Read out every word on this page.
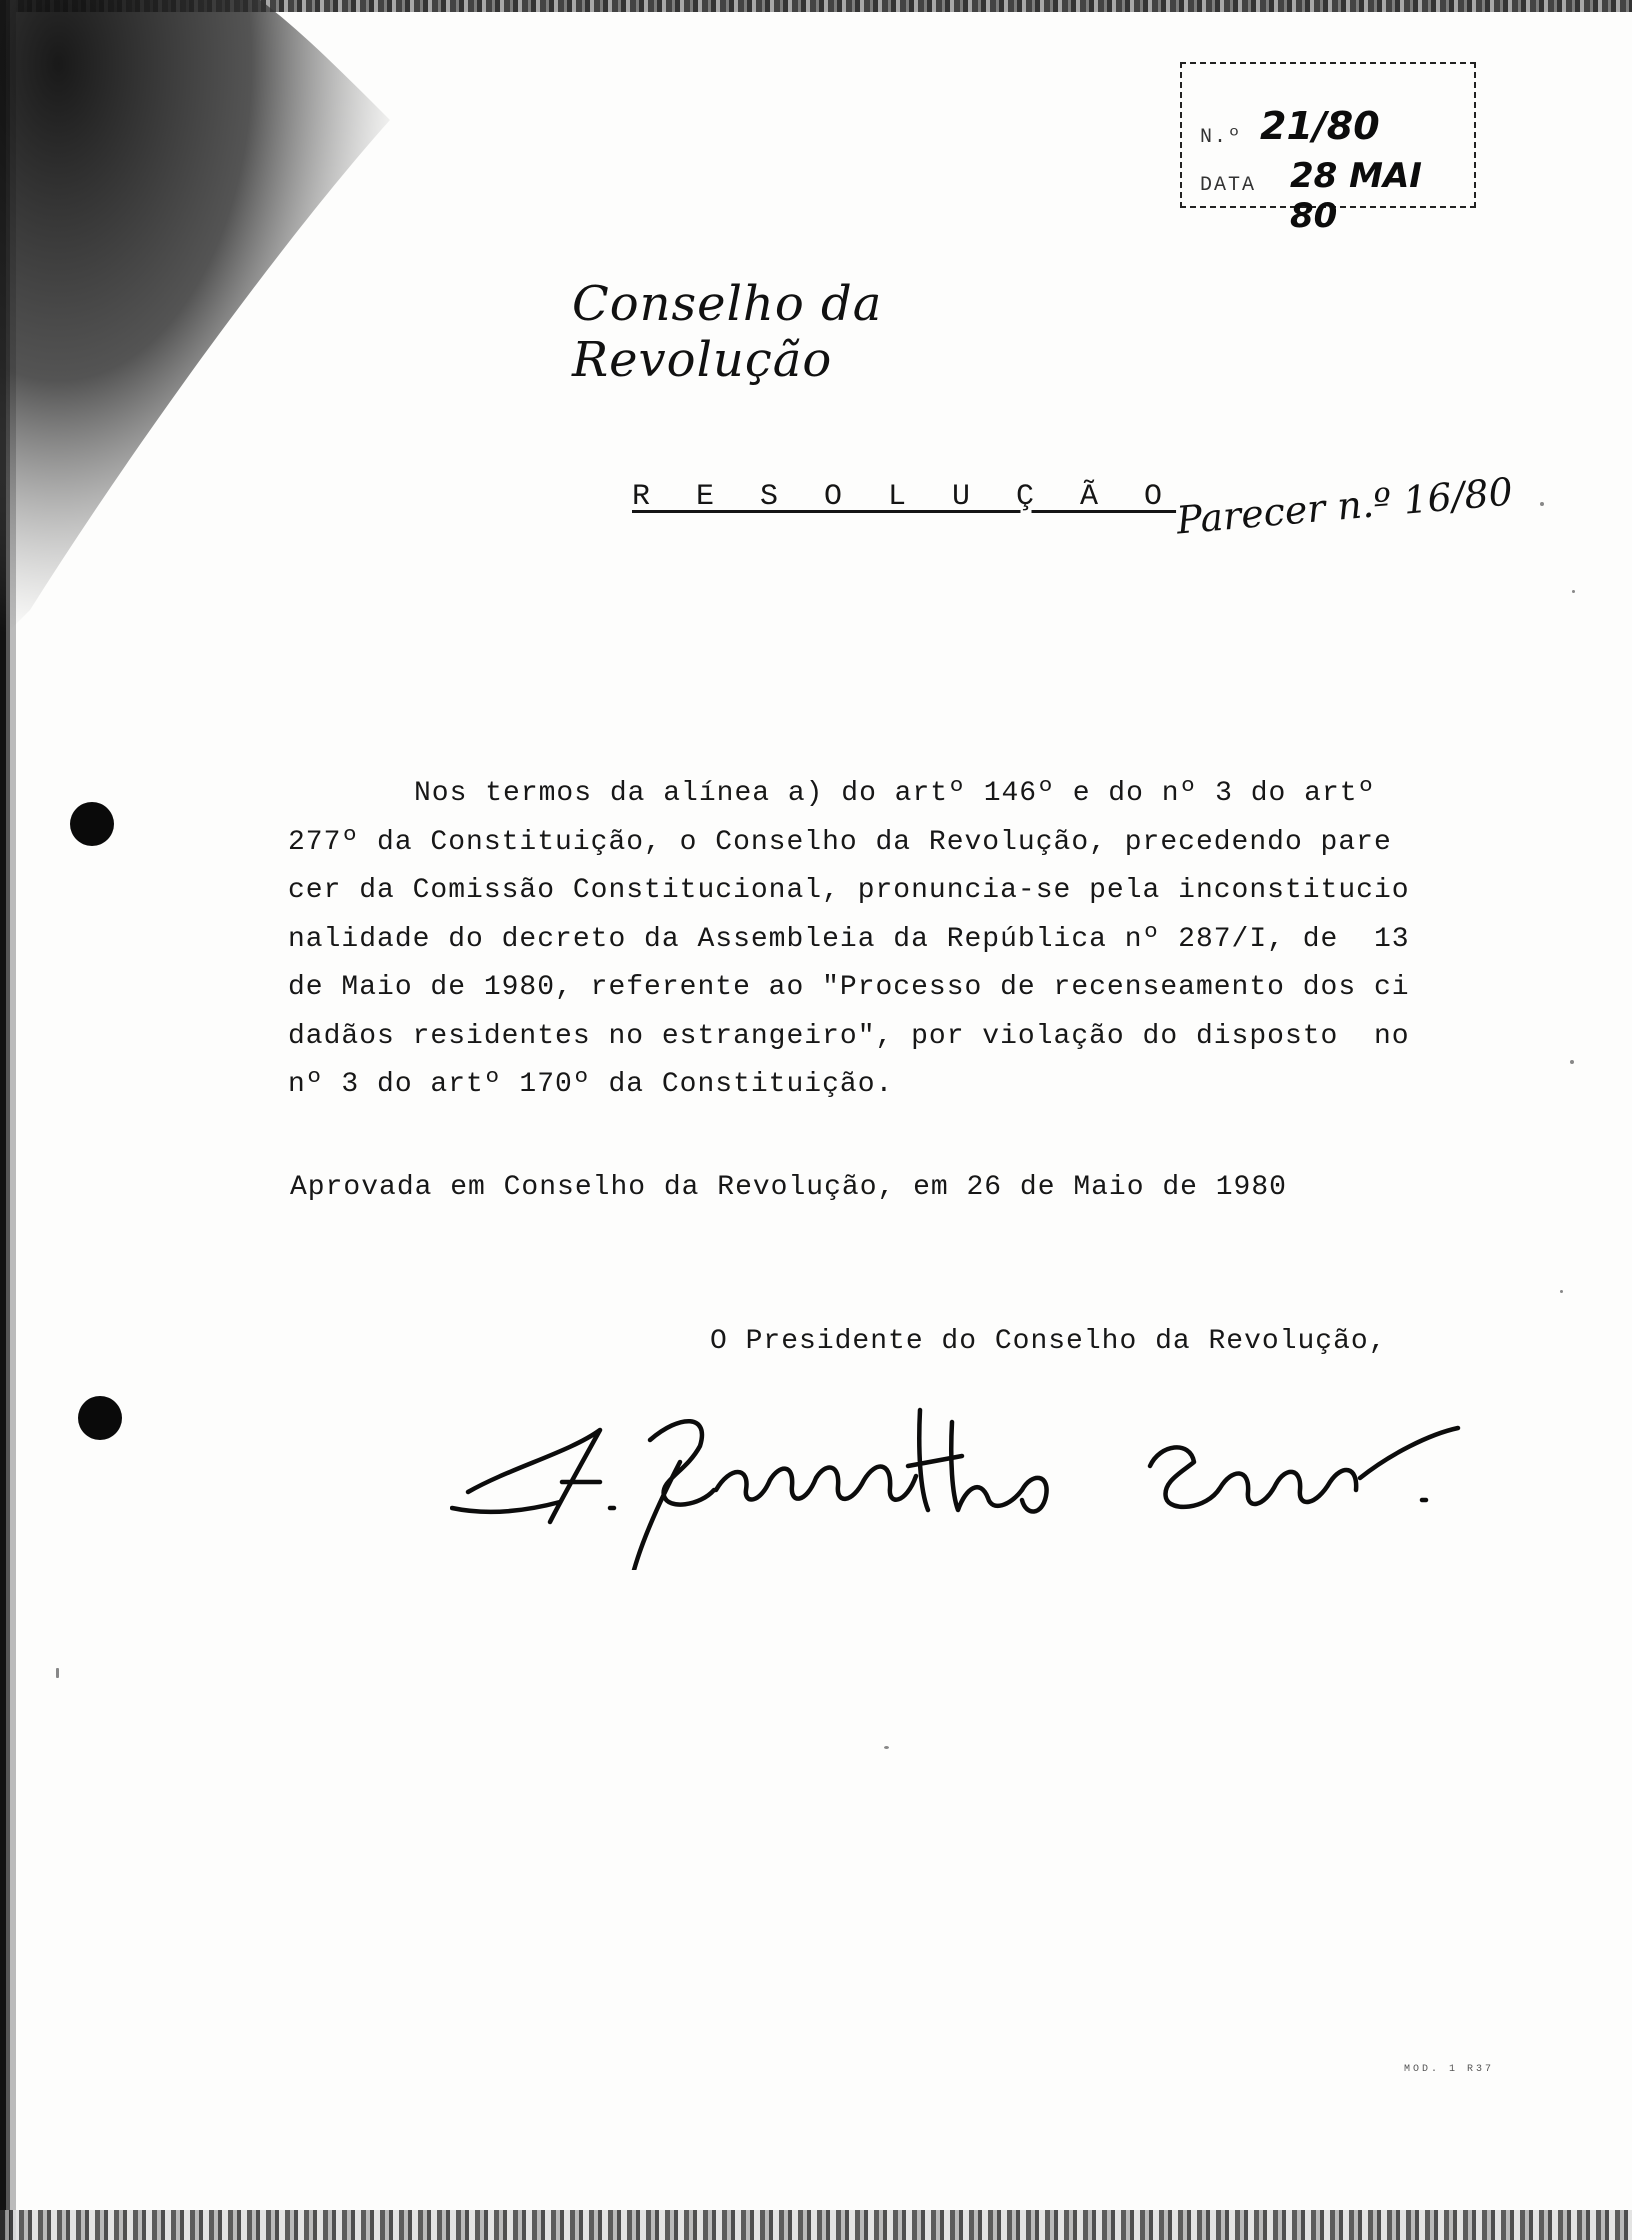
N.º 21/80
DATA 28 MAI 80
Conselho da Revolução
R E S O L U Ç Ã O
Parecer n.º 16/80
Nos termos da alínea a) do artº 146º e do nº 3 do artº
277º da Constituição, o Conselho da Revolução, precedendo pare
cer da Comissão Constitucional, pronuncia-se pela inconstitucio
nalidade do decreto da Assembleia da República nº 287/I, de  13
de Maio de 1980, referente ao "Processo de recenseamento dos ci
dadãos residentes no estrangeiro", por violação do disposto  no
nº 3 do artº 170º da Constituição.
Aprovada em Conselho da Revolução, em 26 de Maio de 1980
O Presidente do Conselho da Revolução,
MOD. 1 R37
